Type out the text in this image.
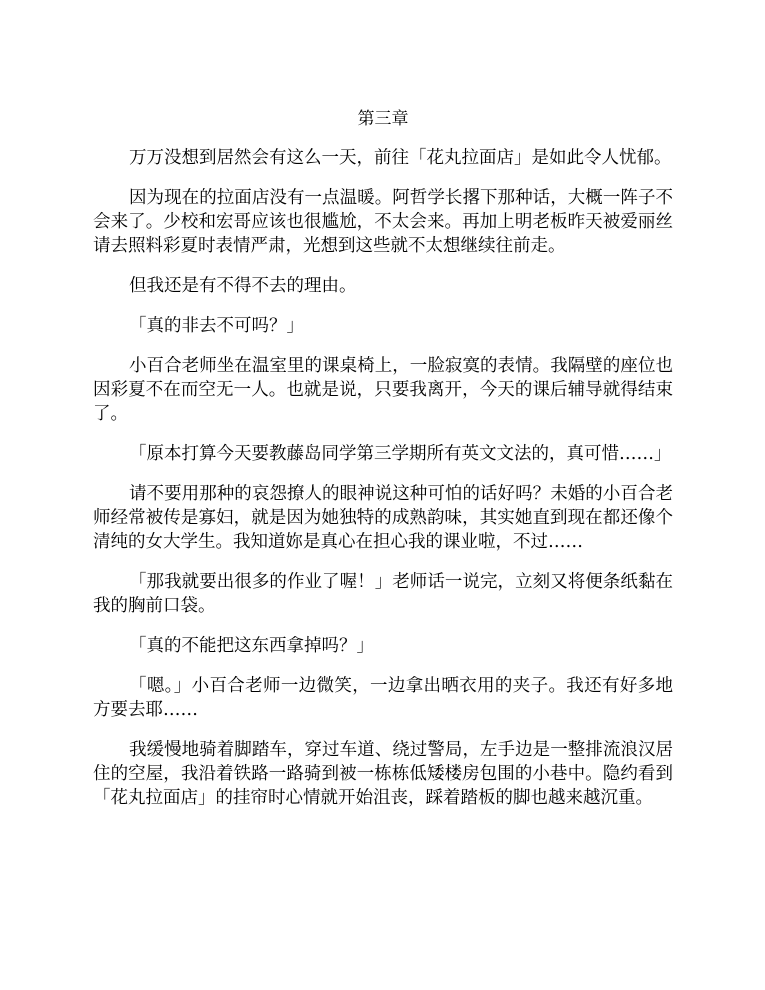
第三章

万万没想到居然会有这么一天，前往「花丸拉面店」是如此令人忧郁。

因为现在的拉面店没有一点温暖。阿哲学长撂下那种话，大概一阵子不会来了。少校和宏哥应该也很尴尬，不太会来。再加上明老板昨天被爱丽丝请去照料彩夏时表情严肃，光想到这些就不太想继续往前走。

但我还是有不得不去的理由。

「真的非去不可吗？」

小百合老师坐在温室里的课桌椅上，一脸寂寞的表情。我隔壁的座位也因彩夏不在而空无一人。也就是说，只要我离开，今天的课后辅导就得结束了。

「原本打算今天要教藤岛同学第三学期所有英文文法的，真可惜……」

请不要用那种的哀怨撩人的眼神说这种可怕的话好吗？未婚的小百合老师经常被传是寡妇，就是因为她独特的成熟韵味，其实她直到现在都还像个清纯的女大学生。我知道妳是真心在担心我的课业啦，不过……

「那我就要出很多的作业了喔！」老师话一说完，立刻又将便条纸黏在我的胸前口袋。

「真的不能把这东西拿掉吗？」

「嗯。」小百合老师一边微笑，一边拿出晒衣用的夹子。我还有好多地方要去耶……

我缓慢地骑着脚踏车，穿过车道、绕过警局，左手边是一整排流浪汉居住的空屋，我沿着铁路一路骑到被一栋栋低矮楼房包围的小巷中。隐约看到「花丸拉面店」的挂帘时心情就开始沮丧，踩着踏板的脚也越来越沉重。
